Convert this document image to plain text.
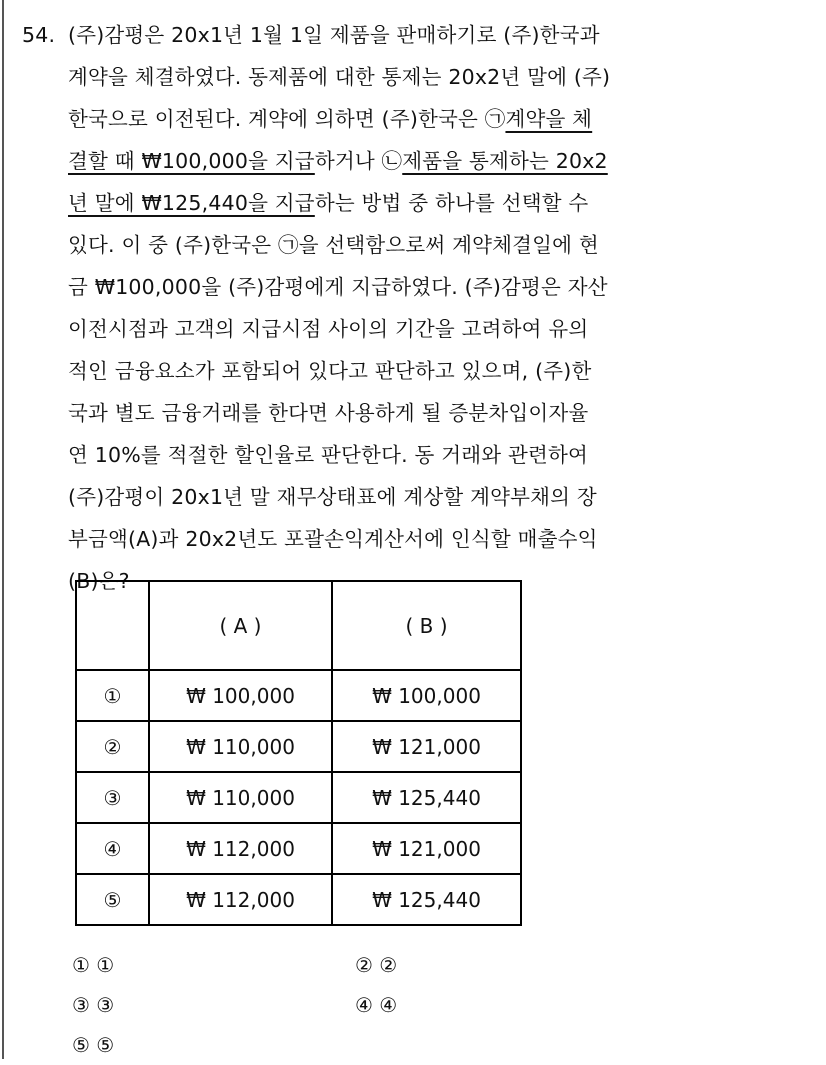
54. (주)감평은 20x1년 1월 1일 제품을 판매하기로 (주)한국과
계약을 체결하였다. 동제품에 대한 통제는 20x2년 말에 (주)
한국으로 이전된다. 계약에 의하면 (주)한국은 ㉠계약을 체
결할 때 ₩100,000을 지급하거나 ㉡제품을 통제하는 20x2
년 말에 ₩125,440을 지급하는 방법 중 하나를 선택할 수
있다. 이 중 (주)한국은 ㉠을 선택함으로써 계약체결일에 현
금 ₩100,000을 (주)감평에게 지급하였다. (주)감평은 자산
이전시점과 고객의 지급시점 사이의 기간을 고려하여 유의
적인 금융요소가 포함되어 있다고 판단하고 있으며, (주)한
국과 별도 금융거래를 한다면 사용하게 될 증분차입이자율
연 10%를 적절한 할인율로 판단한다. 동 거래와 관련하여
(주)감평이 20x1년 말 재무상태표에 계상할 계약부채의 장
부금액(A)과 20x2년도 포괄손익계산서에 인식할 매출수익
(B)은?
	( A )	( B )
①	₩ 100,000	₩ 100,000
②	₩ 110,000	₩ 121,000
③	₩ 110,000	₩ 125,440
④	₩ 112,000	₩ 121,000
⑤	₩ 112,000	₩ 125,440
① ①	② ②
③ ③	④ ④
⑤ ⑤
